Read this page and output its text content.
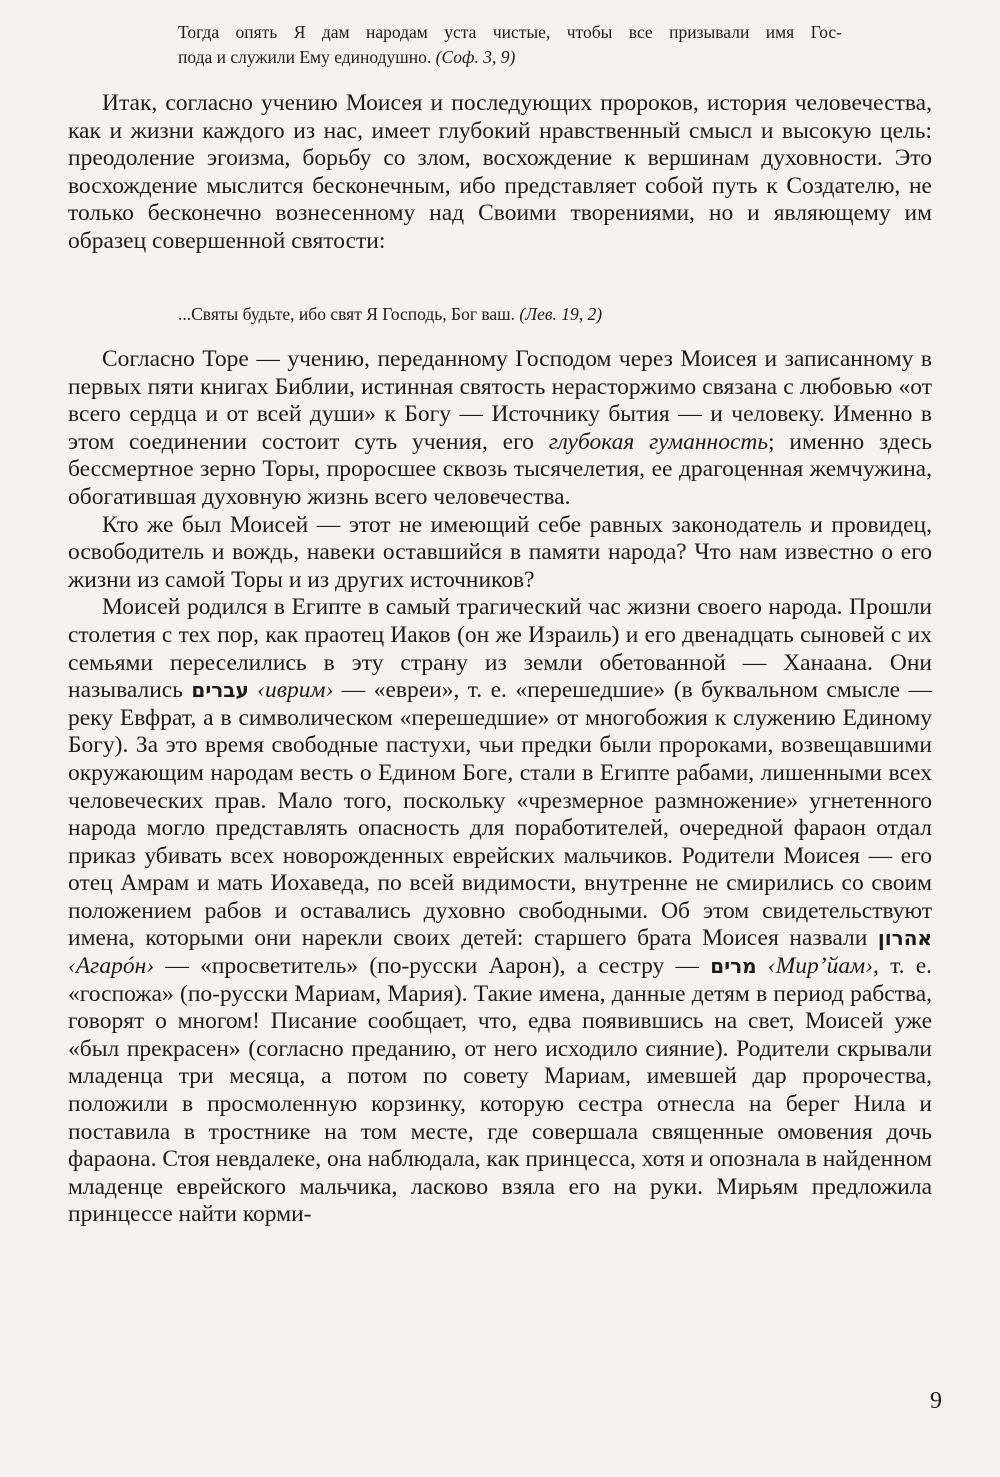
Тогда опять Я дам народам уста чистые, чтобы все призывали имя Гос-
пода и служили Ему единодушно. (Соф. 3, 9)

Итак, согласно учению Моисея и последующих пророков, история человечества, как и жизни каждого из нас, имеет глубокий нравственный смысл и высокую цель: преодоление эгоизма, борьбу со злом, восхождение к вершинам духовности. Это восхождение мыслится бесконечным, ибо представляет собой путь к Создателю, не только бесконечно вознесенному над Своими творениями, но и являющему им образец совершенной святости:

...Святы будьте, ибо свят Я Господь, Бог ваш. (Лев. 19, 2)

Согласно Торе — учению, переданному Господом через Моисея и записанному в первых пяти книгах Библии, истинная святость нерасторжимо связана с любовью «от всего сердца и от всей души» к Богу — Источнику бытия — и человеку. Именно в этом соединении состоит суть учения, его глубокая гуманность; именно здесь бессмертное зерно Торы, проросшее сквозь тысячелетия, ее драгоценная жемчужина, обогатившая духовную жизнь всего человечества.

Кто же был Моисей — этот не имеющий себе равных законодатель и провидец, освободитель и вождь, навеки оставшийся в памяти народа? Что нам известно о его жизни из самой Торы и из других источников?

Моисей родился в Египте в самый трагический час жизни своего народа. Прошли столетия с тех пор, как праотец Иаков (он же Израиль) и его двенадцать сыновей с их семьями переселились в эту страну из земли обетованной — Ханаана. Они назывались עברים ‹иврим› — «евреи», т. е. «перешедшие» (в буквальном смысле — реку Евфрат, а в символическом «перешедшие» от многобожия к служению Единому Богу). За это время свободные пастухи, чьи предки были пророками, возвещавшими окружающим народам весть о Едином Боге, стали в Египте рабами, лишенными всех человеческих прав. Мало того, поскольку «чрезмерное размножение» угнетенного народа могло представлять опасность для поработителей, очередной фараон отдал приказ убивать всех новорожденных еврейских мальчиков. Родители Моисея — его отец Амрам и мать Иохаведа, по всей видимости, внутренне не смирились со своим положением рабов и оставались духовно свободными. Об этом свидетельствуют имена, которыми они нарекли своих детей: старшего брата Моисея назвали אהרון ‹Агарóн› — «просветитель» (по-русски Аарон), а сестру — מרים ‹Мир’йам›, т. е. «госпожа» (по-русски Мариам, Мария). Такие имена, данные детям в период рабства, говорят о многом! Писание сообщает, что, едва появившись на свет, Моисей уже «был прекрасен» (согласно преданию, от него исходило сияние). Родители скрывали младенца три месяца, а потом по совету Мариам, имевшей дар пророчества, положили в просмоленную корзинку, которую сестра отнесла на берег Нила и поставила в тростнике на том месте, где совершала священные омовения дочь фараона. Стоя невдалеке, она наблюдала, как принцесса, хотя и опознала в найденном младенце еврейского мальчика, ласково взяла его на руки. Мирьям предложила принцессе найти корми-

9
